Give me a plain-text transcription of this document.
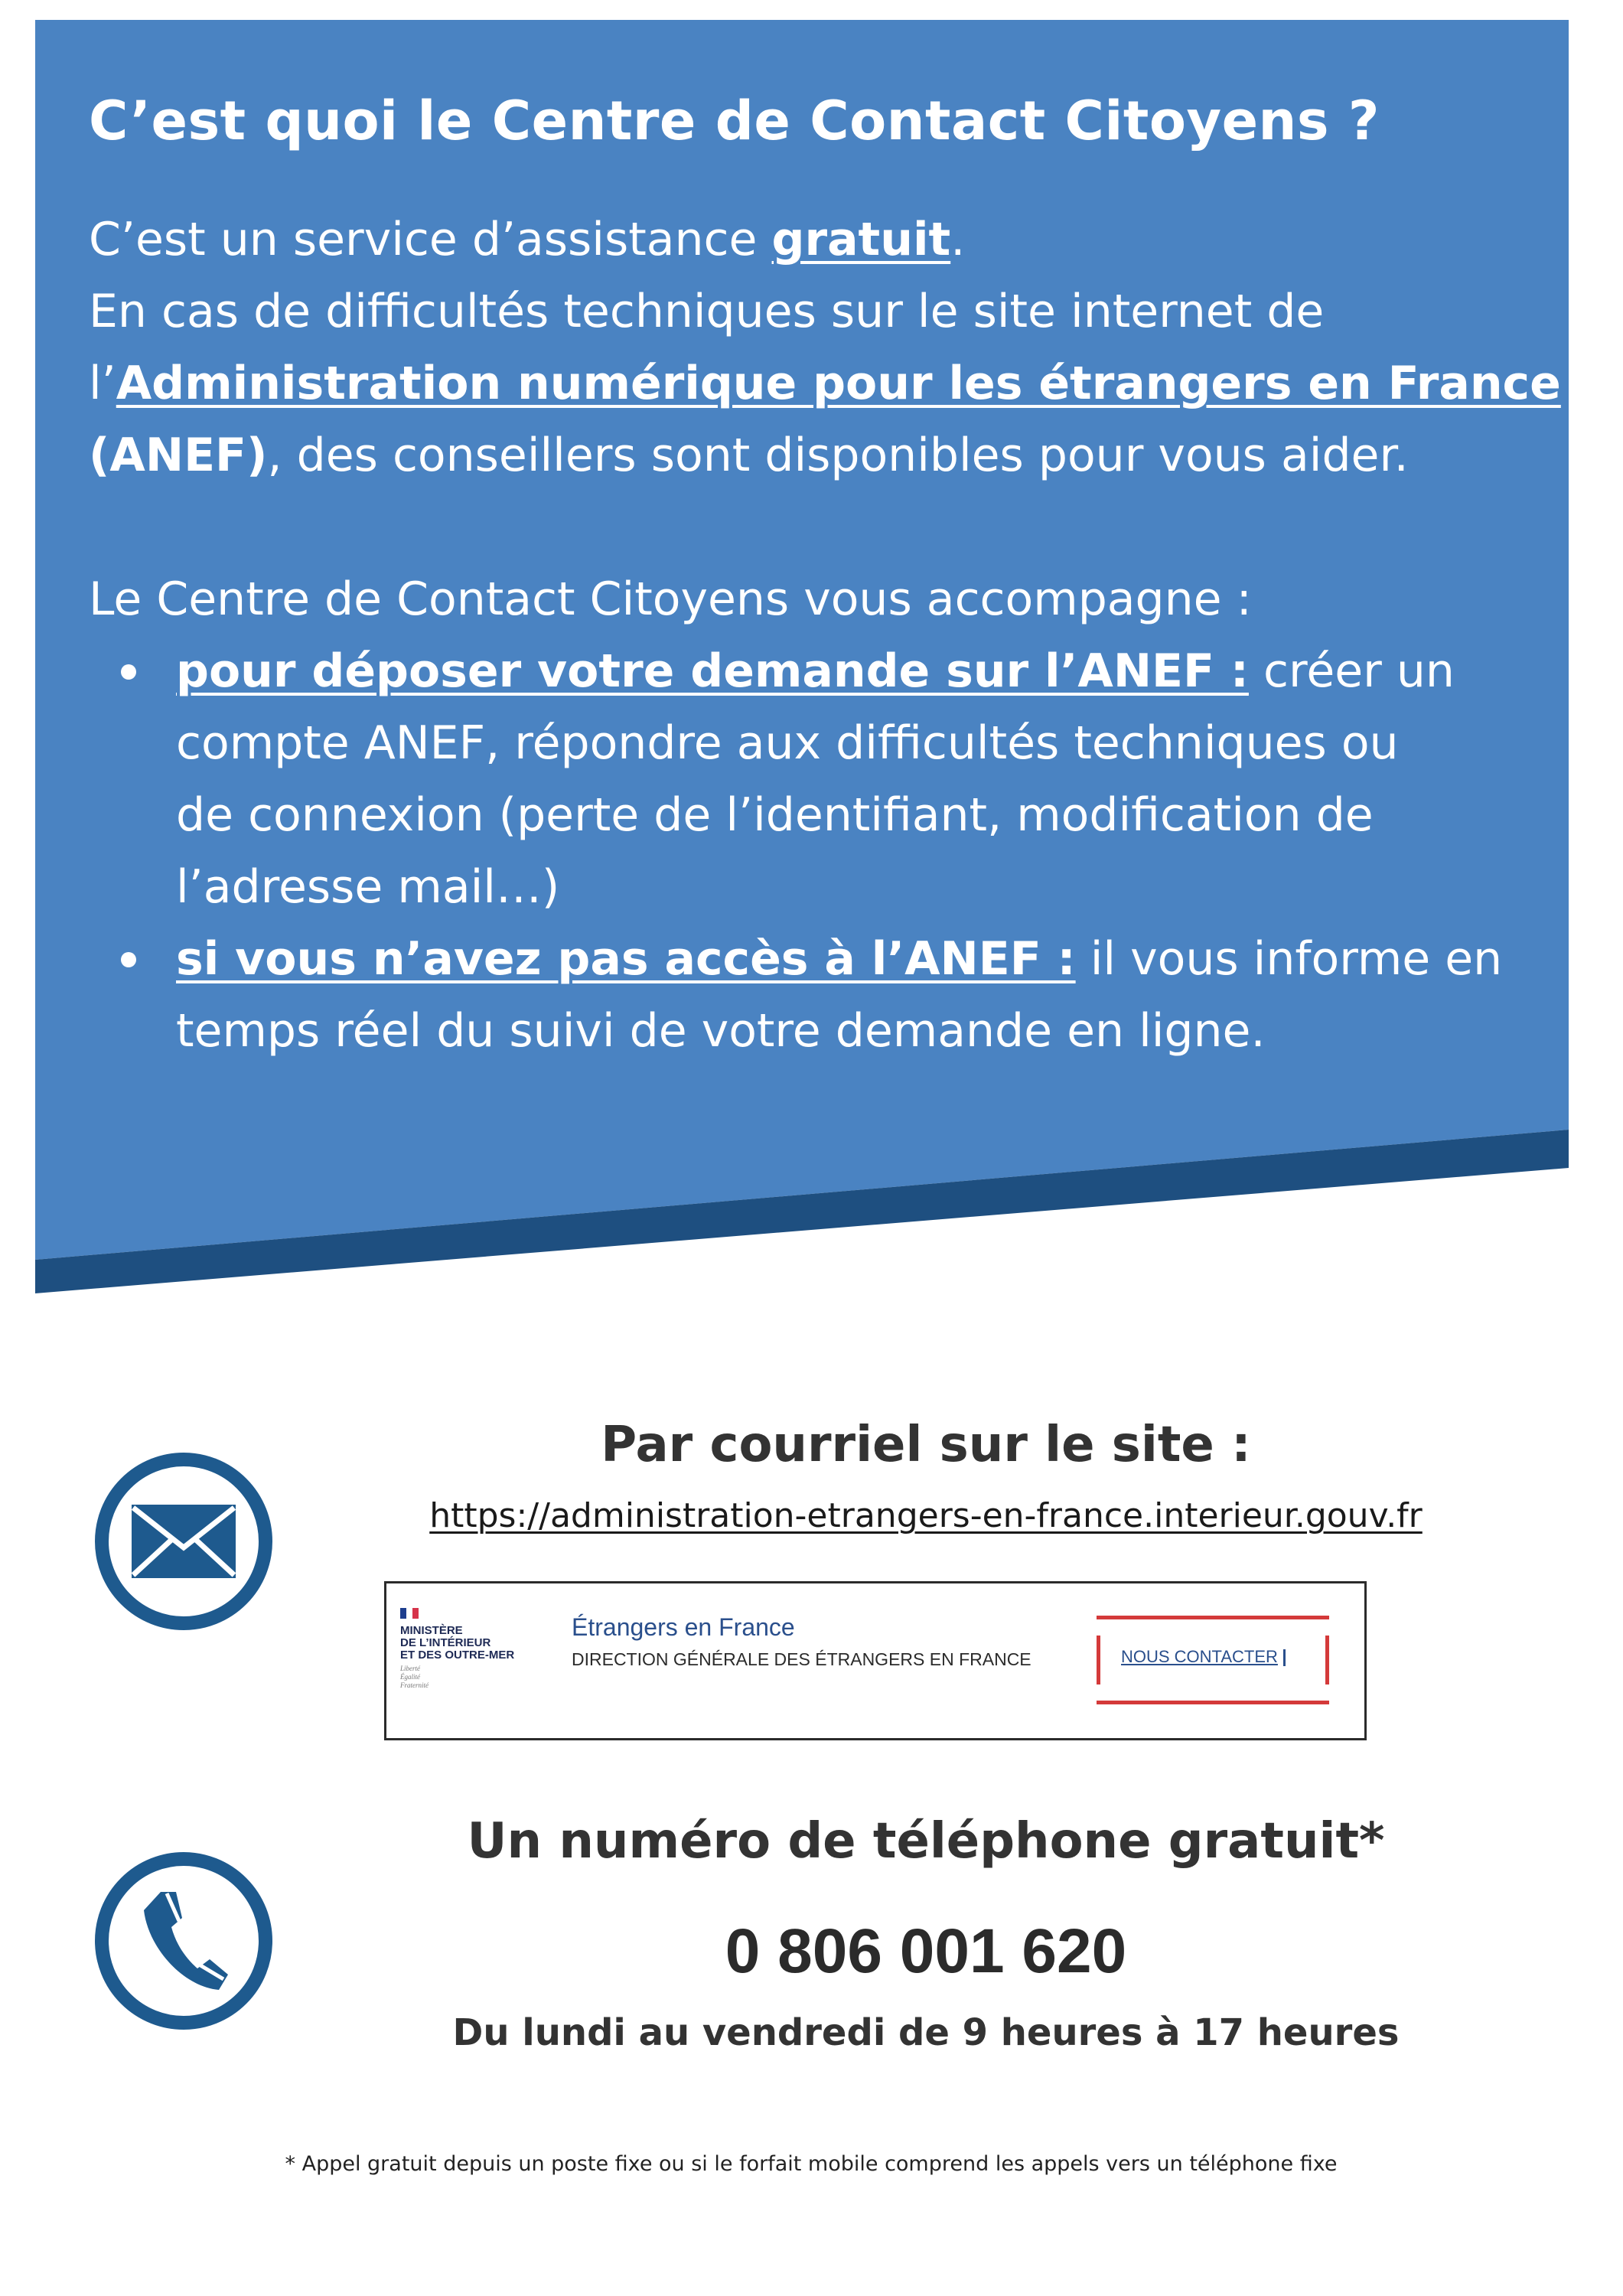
C’est quoi le Centre de Contact Citoyens ?

C’est un service d’assistance gratuit.

En cas de difficultés techniques sur le site internet de

l’Administration numérique pour les étrangers en France

(ANEF), des conseillers sont disponibles pour vous aider.

Le Centre de Contact Citoyens vous accompagne :

pour déposer votre demande sur l’ANEF : créer un
compte ANEF, répondre aux difficultés techniques ou
de connexion (perte de l’identifiant, modification de
l’adresse mail…)
si vous n’avez pas accès à l’ANEF : il vous informe en
temps réel du suivi de votre demande en ligne.
Par courriel sur le site :
https://administration-etrangers-en-france.interieur.gouv.fr
MINISTÈRE
DE L’INTÉRIEUR
ET DES OUTRE-MER
Liberté
Égalité
Fraternité
Étrangers en France
DIRECTION GÉNÉRALE DES ÉTRANGERS EN FRANCE	NOUS CONTACTER
Un numéro de téléphone gratuit*
0 806 001 620
Du lundi au vendredi de 9 heures à 17 heures
* Appel gratuit depuis un poste fixe ou si le forfait mobile comprend les appels vers un téléphone fixe
